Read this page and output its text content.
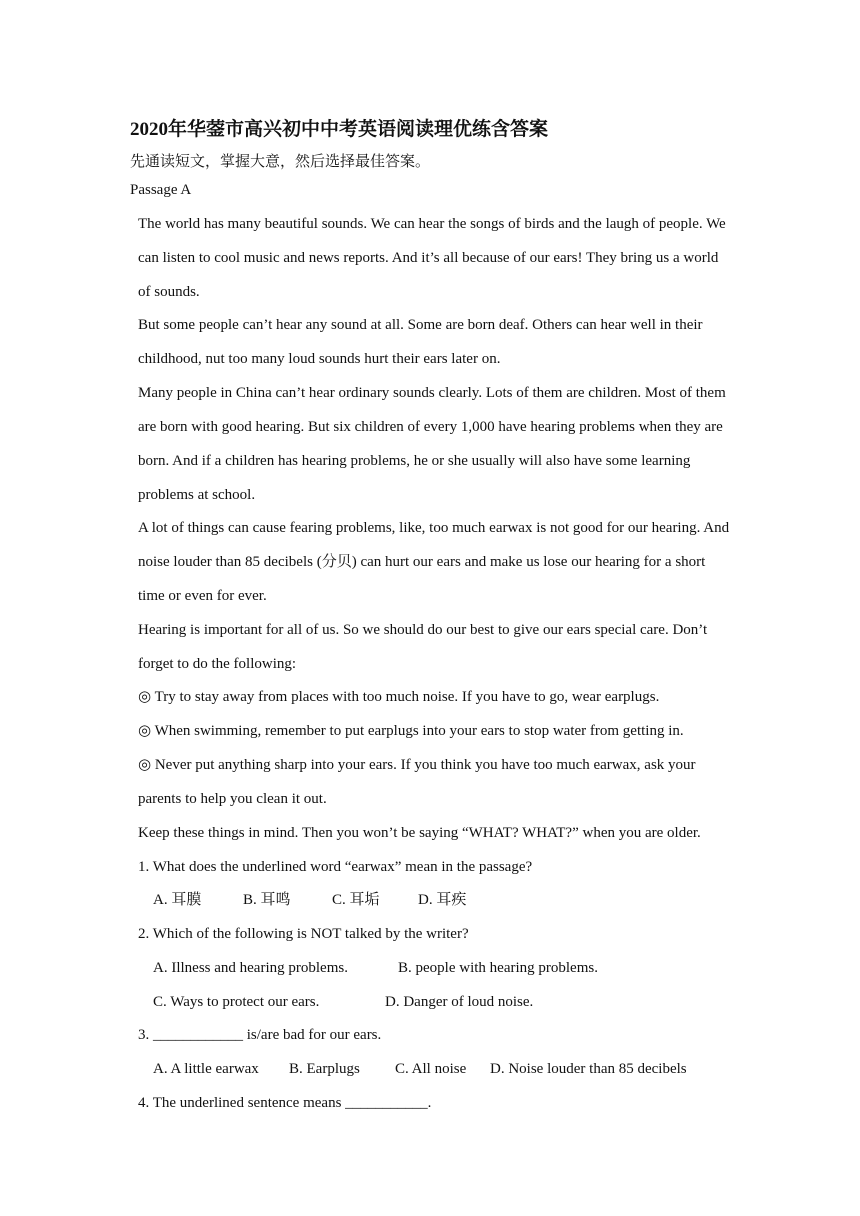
2020年华蓥市高兴初中中考英语阅读理优练含答案
先通读短文，掌握大意，然后选择最佳答案。
Passage A
The world has many beautiful sounds. We can hear the songs of birds and the laugh of people. We
can listen to cool music and news reports. And it’s all because of our ears! They bring us a world
of sounds.
But some people can’t hear any sound at all. Some are born deaf. Others can hear well in their
childhood, nut too many loud sounds hurt their ears later on.
Many people in China can’t hear ordinary sounds clearly. Lots of them are children. Most of them
are born with good hearing. But six children of every 1,000 have hearing problems when they are
born. And if a children has hearing problems, he or she usually will also have some learning
problems at school.
A lot of things can cause fearing problems, like, too much earwax is not good for our hearing. And
noise louder than 85 decibels (分贝) can hurt our ears and make us lose our hearing for a short
time or even for ever.
Hearing is important for all of us. So we should do our best to give our ears special care. Don’t
forget to do the following:
◎ Try to stay away from places with too much noise. If you have to go, wear earplugs.
◎ When swimming, remember to put earplugs into your ears to stop water from getting in.
◎ Never put anything sharp into your ears. If you think you have too much earwax, ask your
parents to help you clean it out.
Keep these things in mind. Then you won’t be saying “WHAT? WHAT?” when you are older.
1. What does the underlined word “earwax” mean in the passage?
A. 耳膜	B. 耳鸣	C. 耳垢	D. 耳疾
2. Which of the following is NOT talked by the writer?
A. Illness and hearing problems.	B. people with hearing problems.
C. Ways to protect our ears.	D. Danger of loud noise.
3. ____________ is/are bad for our ears.
A. A little earwax B. Earplugs C. All noise D. Noise louder than 85 decibels
4. The underlined sentence means ___________.
